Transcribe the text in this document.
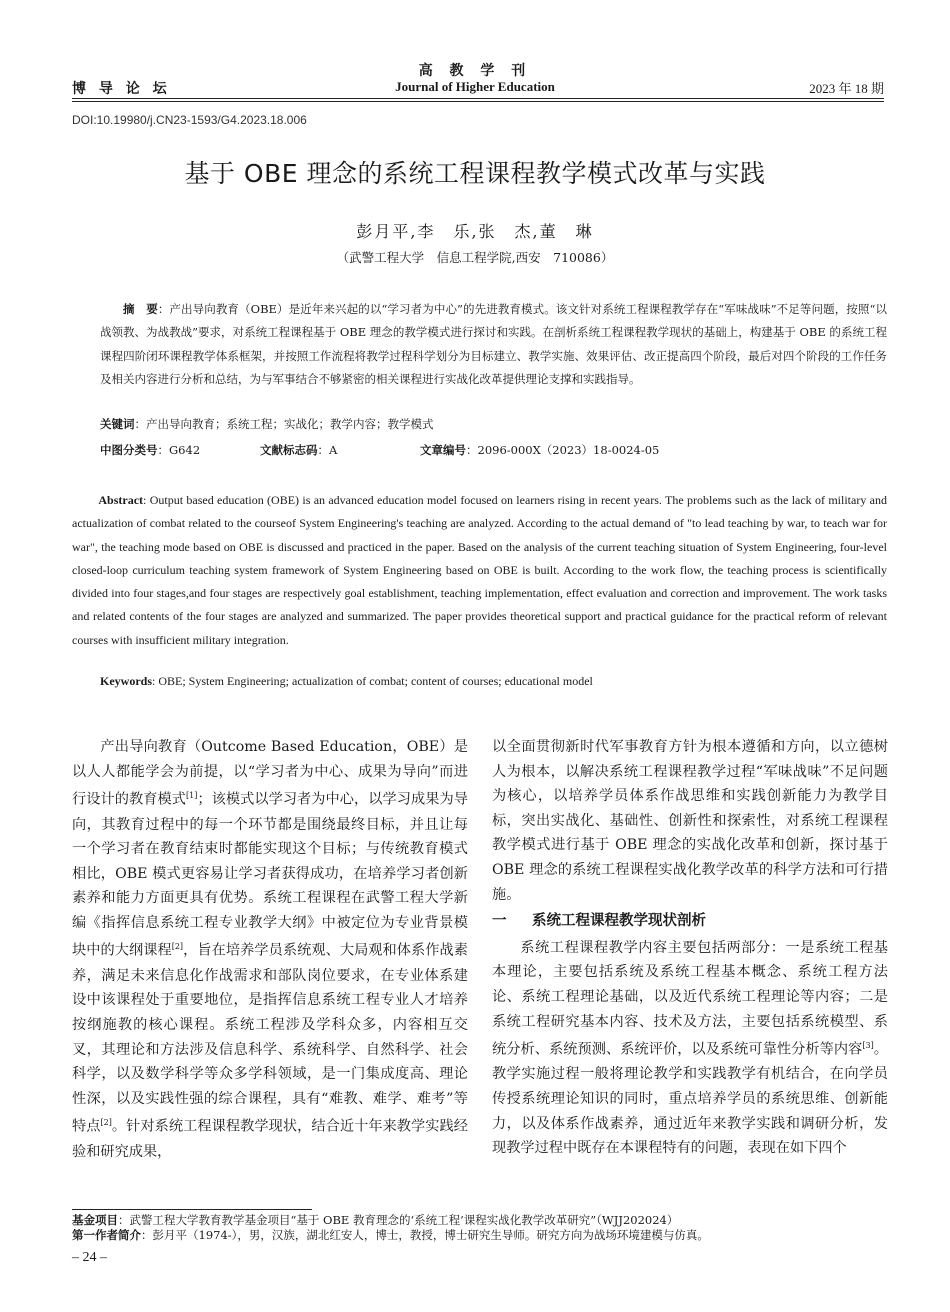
高 教 学 刊
Journal of Higher Education
博 导 论 坛	2023 年 18 期
DOI:10.19980/j.CN23-1593/G4.2023.18.006
基于 OBE 理念的系统工程课程教学模式改革与实践
彭月平,李　乐,张　杰,董　琳
（武警工程大学　信息工程学院,西安　710086）
摘　要：产出导向教育（OBE）是近年来兴起的以“学习者为中心”的先进教育模式。该文针对系统工程课程教学存在“军味战味”不足等问题，按照“以战领教、为战教战”要求，对系统工程课程基于 OBE 理念的教学模式进行探讨和实践。在剖析系统工程课程教学现状的基础上，构建基于 OBE 的系统工程课程四阶闭环课程教学体系框架，并按照工作流程将教学过程科学划分为目标建立、教学实施、效果评估、改正提高四个阶段，最后对四个阶段的工作任务及相关内容进行分析和总结，为与军事结合不够紧密的相关课程进行实战化改革提供理论支撑和实践指导。
关键词：产出导向教育；系统工程；实战化；教学内容；教学模式
中图分类号：G642	文献标志码：A	文章编号：2096-000X（2023）18-0024-05
Abstract: Output based education (OBE) is an advanced education model focused on learners rising in recent years. The problems such as the lack of military and actualization of combat related to the courseof System Engineering's teaching are analyzed. According to the actual demand of "to lead teaching by war, to teach war for war", the teaching mode based on OBE is discussed and practiced in the paper. Based on the analysis of the current teaching situation of System Engineering, four-level closed-loop curriculum teaching system framework of System Engineering based on OBE is built. According to the work flow, the teaching process is scientifically divided into four stages,and four stages are respectively goal establishment, teaching implementation, effect evaluation and correction and improvement. The work tasks and related contents of the four stages are analyzed and summarized. The paper provides theoretical support and practical guidance for the practical reform of relevant courses with insufficient military integration.
Keywords: OBE; System Engineering; actualization of combat; content of courses; educational model

产出导向教育（Outcome Based Education，OBE）是以人人都能学会为前提，以“学习者为中心、成果为导向”而进行设计的教育模式[1]；该模式以学习者为中心，以学习成果为导向，其教育过程中的每一个环节都是围绕最终目标，并且让每一个学习者在教育结束时都能实现这个目标；与传统教育模式相比，OBE 模式更容易让学习者获得成功，在培养学习者创新素养和能力方面更具有优势。系统工程课程在武警工程大学新编《指挥信息系统工程专业教学大纲》中被定位为专业背景模块中的大纲课程[2]，旨在培养学员系统观、大局观和体系作战素养，满足未来信息化作战需求和部队岗位要求，在专业体系建设中该课程处于重要地位，是指挥信息系统工程专业人才培养按纲施教的核心课程。系统工程涉及学科众多，内容相互交叉，其理论和方法涉及信息科学、系统科学、自然科学、社会科学，以及数学科学等众多学科领域，是一门集成度高、理论性深，以及实践性强的综合课程，具有“难教、难学、难考”等特点[2]。针对系统工程课程教学现状，结合近十年来教学实践经验和研究成果，

以全面贯彻新时代军事教育方针为根本遵循和方向，以立德树人为根本，以解决系统工程课程教学过程“军味战味”不足问题为核心，以培养学员体系作战思维和实践创新能力为教学目标，突出实战化、基础性、创新性和探索性，对系统工程课程教学模式进行基于 OBE 理念的实战化改革和创新，探讨基于 OBE 理念的系统工程课程实战化教学改革的科学方法和可行措施。

一 系统工程课程教学现状剖析

系统工程课程教学内容主要包括两部分：一是系统工程基本理论，主要包括系统及系统工程基本概念、系统工程方法论、系统工程理论基础，以及近代系统工程理论等内容；二是系统工程研究基本内容、技术及方法，主要包括系统模型、系统分析、系统预测、系统评价，以及系统可靠性分析等内容[3]。教学实施过程一般将理论教学和实践教学有机结合，在向学员传授系统理论知识的同时，重点培养学员的系统思维、创新能力，以及体系作战素养，通过近年来教学实践和调研分析，发现教学过程中既存在本课程特有的问题，表现在如下四个

基金项目：武警工程大学教育教学基金项目“基于 OBE 教育理念的‘系统工程’课程实战化教学改革研究”（WJJ202024）
第一作者简介：彭月平（1974-），男，汉族，湖北红安人，博士，教授，博士研究生导师。研究方向为战场环境建模与仿真。
– 24 –
